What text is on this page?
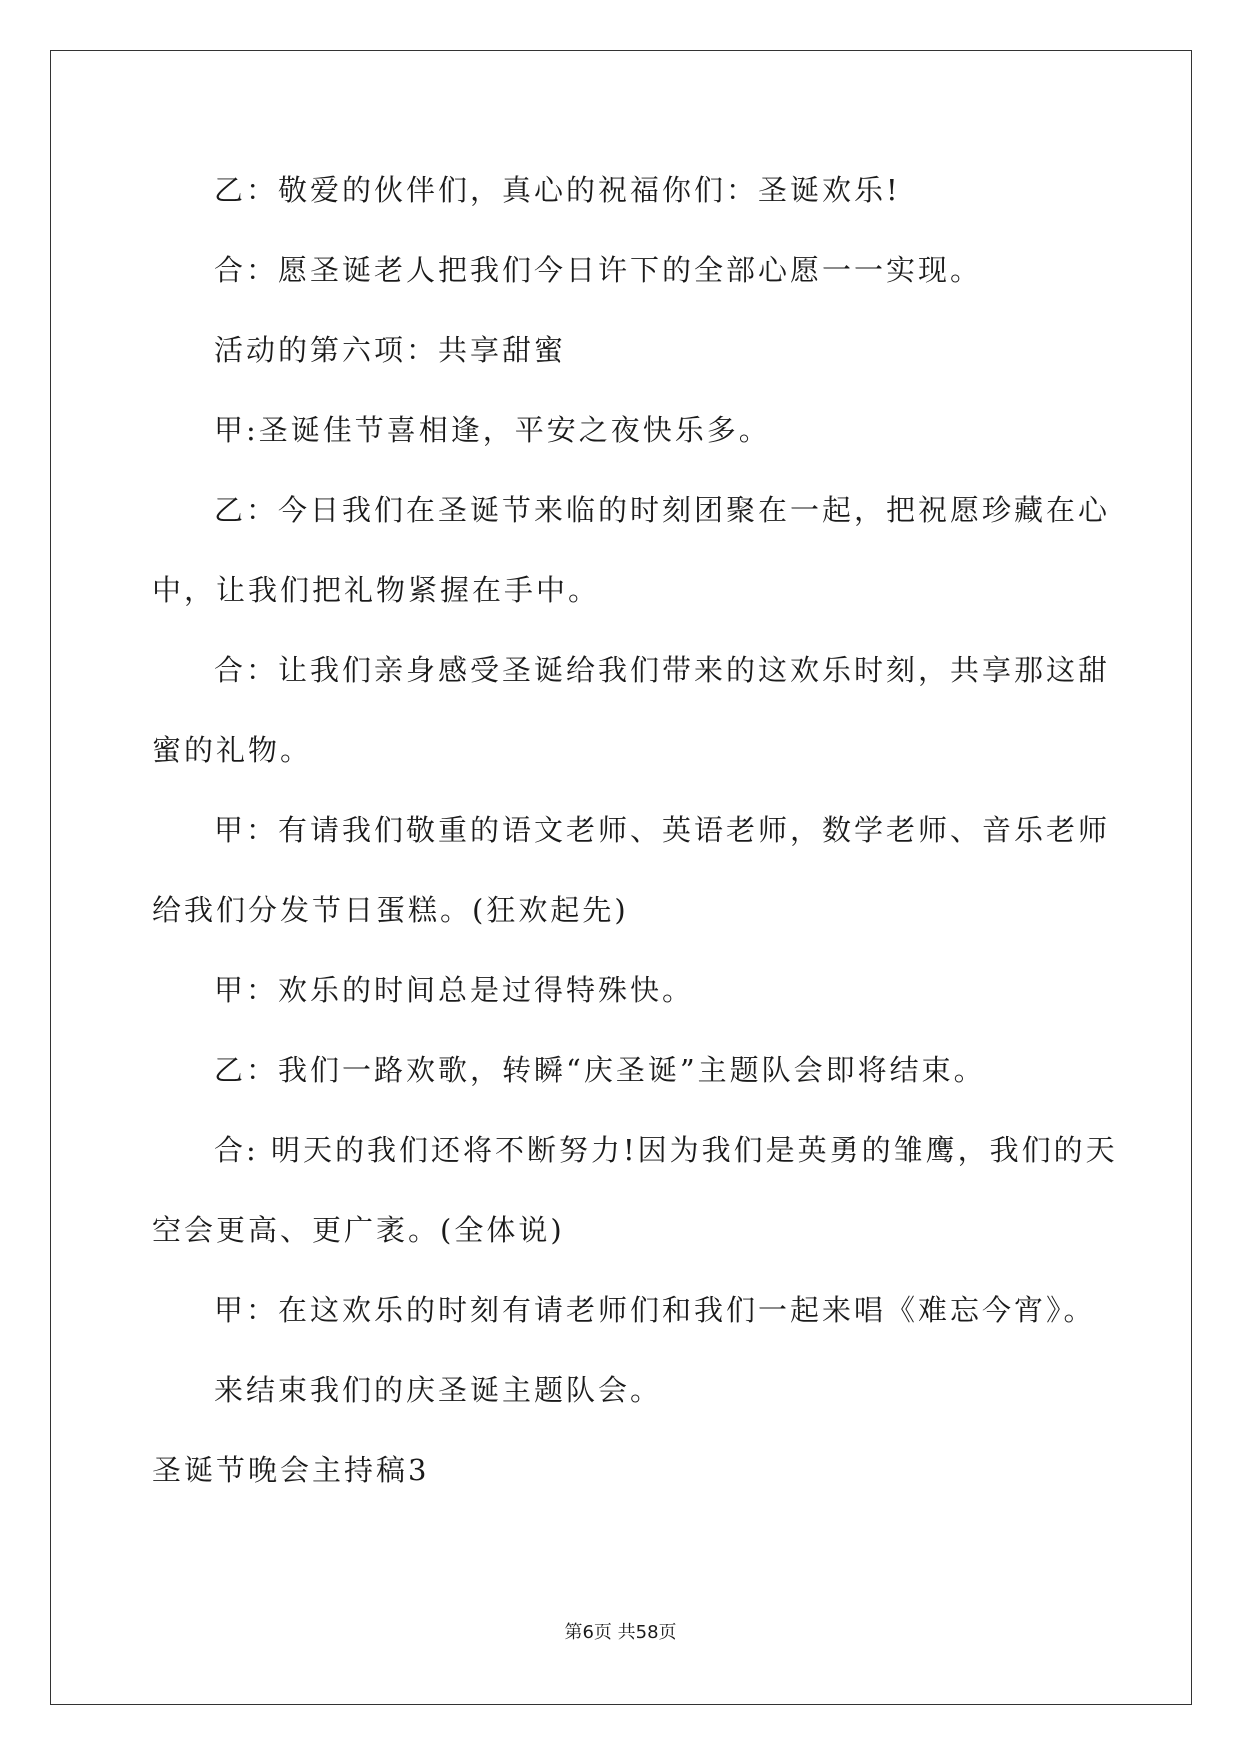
乙：敬爱的伙伴们，真心的祝福你们：圣诞欢乐!
合：愿圣诞老人把我们今日许下的全部心愿一一实现。
活动的第六项：共享甜蜜
甲:圣诞佳节喜相逢，平安之夜快乐多。
乙：今日我们在圣诞节来临的时刻团聚在一起，把祝愿珍藏在心
中，让我们把礼物紧握在手中。
合：让我们亲身感受圣诞给我们带来的这欢乐时刻，共享那这甜
蜜的礼物。
甲：有请我们敬重的语文老师、英语老师，数学老师、音乐老师
给我们分发节日蛋糕。(狂欢起先)
甲：欢乐的时间总是过得特殊快。
乙：我们一路欢歌，转瞬“庆圣诞”主题队会即将结束。
合: 明天的我们还将不断努力!因为我们是英勇的雏鹰，我们的天
空会更高、更广袤。(全体说)
甲：在这欢乐的时刻有请老师们和我们一起来唱《难忘今宵》。
来结束我们的庆圣诞主题队会。
圣诞节晚会主持稿3
第6页 共58页
